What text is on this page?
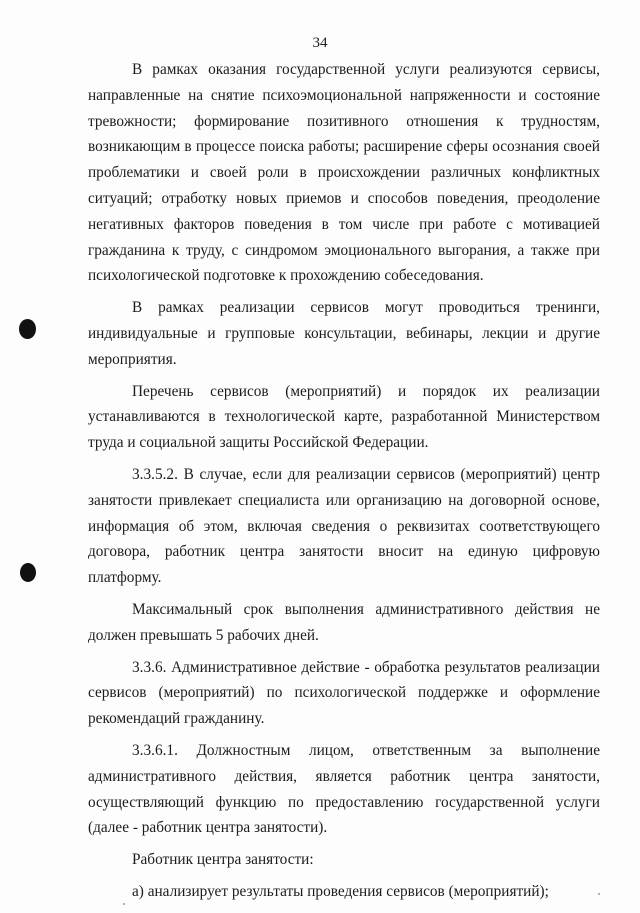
34

В рамках оказания государственной услуги реализуются сервисы, направленные на снятие психоэмоциональной напряженности и состояние тревожности; формирование позитивного отношения к трудностям, возникающим в процессе поиска работы; расширение сферы осознания своей проблематики и своей роли в происхождении различных конфликтных ситуаций; отработку новых приемов и способов поведения, преодоление негативных факторов поведения в том числе при работе с мотивацией гражданина к труду, с синдромом эмоционального выгорания, а также при психологической подготовке к прохождению собеседования.

В рамках реализации сервисов могут проводиться тренинги, индивидуальные и групповые консультации, вебинары, лекции и другие мероприятия.

Перечень сервисов (мероприятий) и порядок их реализации устанавливаются в технологической карте, разработанной Министерством труда и социальной защиты Российской Федерации.

3.3.5.2. В случае, если для реализации сервисов (мероприятий) центр занятости привлекает специалиста или организацию на договорной основе, информация об этом, включая сведения о реквизитах соответствующего договора, работник центра занятости вносит на единую цифровую платформу.

Максимальный срок выполнения административного действия не должен превышать 5 рабочих дней.

3.3.6. Административное действие - обработка результатов реализации сервисов (мероприятий) по психологической поддержке и оформление рекомендаций гражданину.

3.3.6.1. Должностным лицом, ответственным за выполнение административного действия, является работник центра занятости, осуществляющий функцию по предоставлению государственной услуги (далее - работник центра занятости).

Работник центра занятости:

а) анализирует результаты проведения сервисов (мероприятий);
